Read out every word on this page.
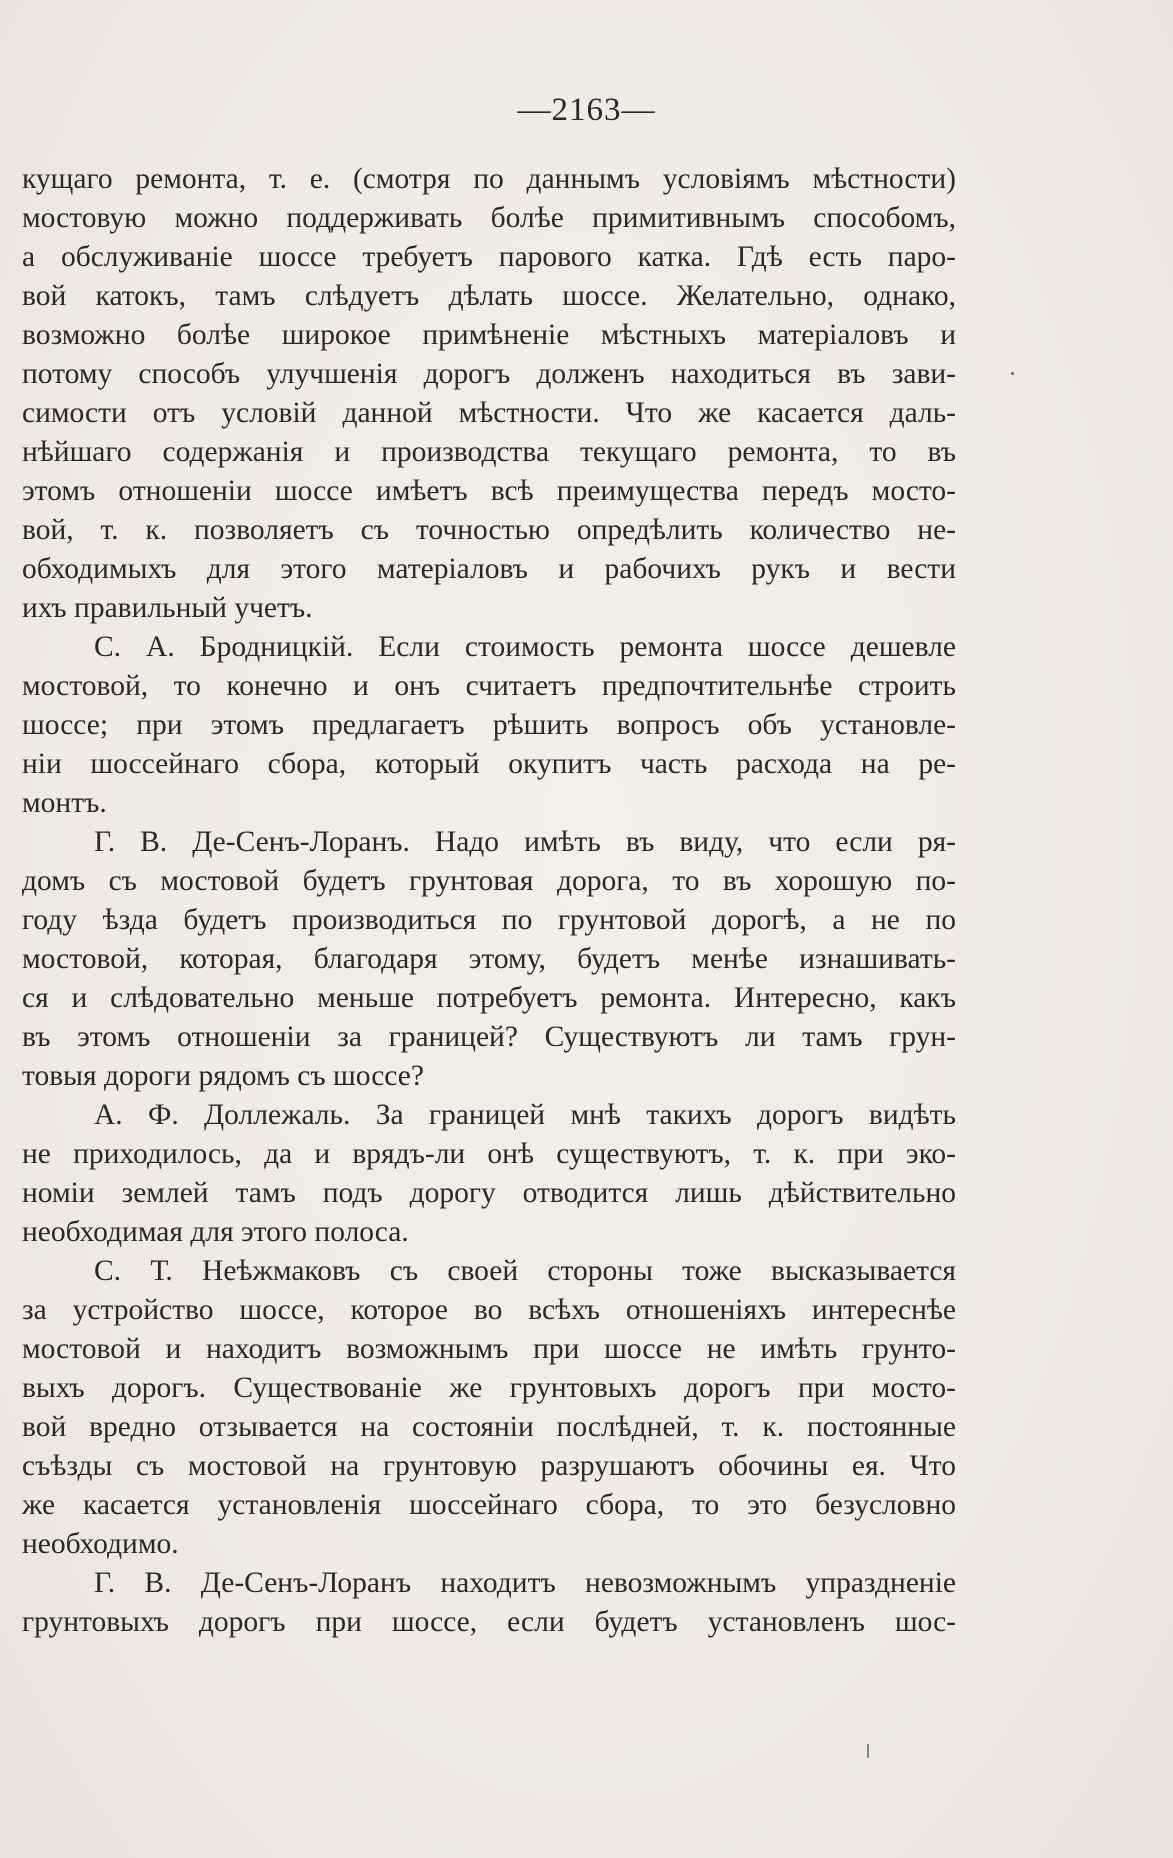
—2163—
кущаго ремонта, т. е. (смотря по даннымъ условіямъ мѣстности)
мостовую можно поддерживать болѣе примитивнымъ способомъ,
а обслуживаніе шоссе требуетъ парового катка. Гдѣ есть паро-
вой катокъ, тамъ слѣдуетъ дѣлать шоссе. Желательно, однако,
возможно болѣе широкое примѣненіе мѣстныхъ матеріаловъ и
потому способъ улучшенія дорогъ долженъ находиться въ зави-
симости отъ условій данной мѣстности. Что же касается даль-
нѣйшаго содержанія и производства текущаго ремонта, то въ
этомъ отношеніи шоссе имѣетъ всѣ преимущества передъ мосто-
вой, т. к. позволяетъ съ точностью опредѣлить количество не-
обходимыхъ для этого матеріаловъ и рабочихъ рукъ и вести
ихъ правильный учетъ.
С. А. Бродницкій. Если стоимость ремонта шоссе дешевле
мостовой, то конечно и онъ считаетъ предпочтительнѣе строить
шоссе; при этомъ предлагаетъ рѣшить вопросъ объ установле-
ніи шоссейнаго сбора, который окупитъ часть расхода на ре-
монтъ.
Г. В. Де-Сенъ-Лоранъ. Надо имѣть въ виду, что если ря-
домъ съ мостовой будетъ грунтовая дорога, то въ хорошую по-
году ѣзда будетъ производиться по грунтовой дорогѣ, а не по
мостовой, которая, благодаря этому, будетъ менѣе изнашивать-
ся и слѣдовательно меньше потребуетъ ремонта. Интересно, какъ
въ этомъ отношеніи за границей? Существуютъ ли тамъ грун-
товыя дороги рядомъ съ шоссе?
А. Ф. Доллежаль. За границей мнѣ такихъ дорогъ видѣть
не приходилось, да и врядъ-ли онѣ существуютъ, т. к. при эко-
номіи землей тамъ подъ дорогу отводится лишь дѣйствительно
необходимая для этого полоса.
С. Т. Неѣжмаковъ съ своей стороны тоже высказывается
за устройство шоссе, которое во всѣхъ отношеніяхъ интереснѣе
мостовой и находитъ возможнымъ при шоссе не имѣть грунто-
выхъ дорогъ. Существованіе же грунтовыхъ дорогъ при мосто-
вой вредно отзывается на состояніи послѣдней, т. к. постоянные
съѣзды съ мостовой на грунтовую разрушаютъ обочины ея. Что
же касается установленія шоссейнаго сбора, то это безусловно
необходимо.
Г. В. Де-Сенъ-Лоранъ находитъ невозможнымъ упраздненіе
грунтовыхъ дорогъ при шоссе, если будетъ установленъ шос-
